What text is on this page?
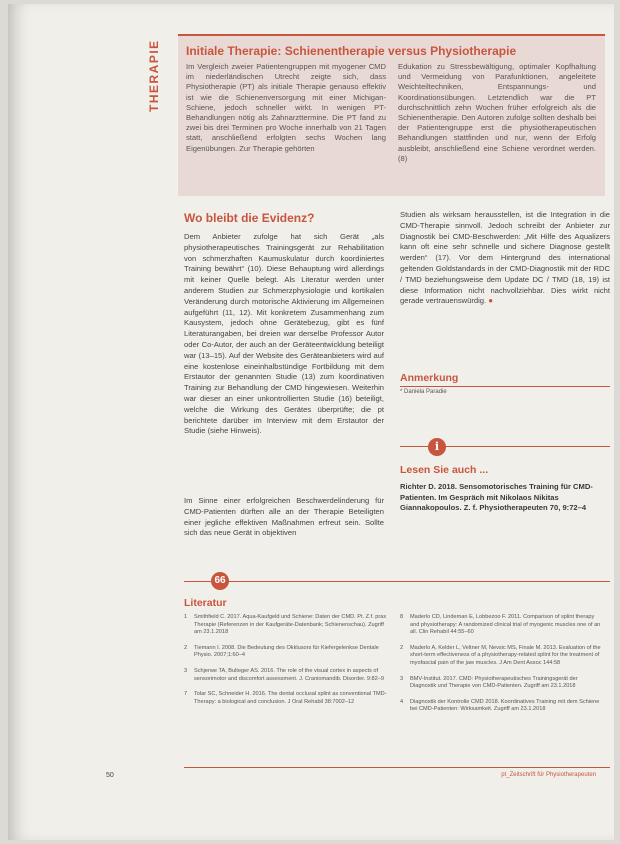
THERAPIE Initiale Therapie: Schienentherapie versus Physiotherapie
Im Vergleich zweier Patientengruppen mit myogener CMD im niederländischen Utrecht zeigte sich, dass Physiotherapie (PT) als initiale Therapie genauso effektiv ist wie die Schienenversorgung mit einer Michigan-Schiene, jedoch schneller wirkt. In wenigen PT-Behandlungen nötig als Zahnarzttermine. Die PT fand zu zwei bis drei Terminen pro Woche innerhalb von 21 Tagen statt, anschließend erfolgten sechs Wochen lang Eigenübungen. Zur Therapie gehörten
Edukation zu Stressbewältigung, optimaler Kopfhaltung und Vermeidung von Parafunktionen, angeleitete Weichteiltechniken, Entspannungs- und Koordinationsübungen. Letztendlich war die PT durchschnittlich zehn Wochen früher erfolgreich als die Schienentherapie. Den Autoren zufolge sollten deshalb bei der Patientengruppe erst die physiotherapeutischen Behandlungen stattfinden und nur, wenn der Erfolg ausbleibt, anschließend eine Schiene verordnet werden. (8)
Wo bleibt die Evidenz?
Dem Anbieter zufolge hat sich Gerät „als physiotherapeutisches Trainingsgerät zur Rehabilitation von schmerzhaften Kaumuskulatur durch koordiniertes Training bewährt“ (10). Diese Behauptung wird allerdings mit keiner Quelle belegt. Als Literatur werden unter anderem Studien zur Schmerzphysiologie und kortikalen Veränderung durch motorische Aktivierung im Allgemeinen aufgeführt (11, 12). Mit konkretem Zusammenhang zum Kausystem, jedoch ohne Gerätebezug, gibt es fünf Literaturangaben, bei dreien war derselbe Professor Autor oder Co-Autor, der auch an der Geräteentwicklung beteiligt war (13–15). Auf der Website des Geräteanbieters wird auf eine kostenlose eineinhalbstündige Fortbildung mit dem Erstautor der genannten Studie (13) zum koordinativen Training zur Behandlung der CMD hingewiesen. Weiterhin war dieser an einer unkontrollierten Studie (16) beteiligt, welche die Wirkung des Gerätes überprüfte; die pt berichtete darüber im Interview mit dem Erstautor der Studie (siehe Hinweis).
Im Sinne einer erfolgreichen Beschwerdelinderung für CMD-Patienten dürften alle an der Therapie Beteiligten einer jegliche effektiven Maßnahmen erfreut sein. Sollte sich das neue Gerät in objektiven
Studien als wirksam herausstellen, ist die Integration in die CMD-Therapie sinnvoll. Jedoch schreibt der Anbieter zur Diagnostik bei CMD-Beschwerden: „Mit Hilfe des Aqualizers kann oft eine sehr schnelle und sichere Diagnose gestellt werden“ (17). Vor dem Hintergrund des international geltenden Goldstandards in der CMD-Diagnostik mit der RDC / TMD beziehungsweise dem Update DC / TMD (18, 19) ist diese Information nicht nachvollziehbar. Dies wirkt nicht gerade vertrauenswürdig. ●
Anmerkung
* Daniela Paradie
i
Lesen Sie auch ...
Richter D. 2018. Sensomotorisches Training für CMD-Patienten. Im Gespräch mit Nikolaos Nikitas Giannakopoulos. Z. f. Physiotherapeuten 70, 9:72–4
66
Literatur
1 Smithfield C. 2017. Aqua-Kaufgeld und Schiene: Daten der CMD. Pt. Z.f. prax Therapie (Referenzen in der Kaufgeräte-Datenbank; Schienenschau). Zugriff am 23.1.2018
2 Tiemann I. 2008. Die Bedeutung des Okklusors für Kiefergelenkse Dentale Physio. 2007;1:60–4
3 Schjerwe TA, Bulteger AS. 2016. The role of the visual cortex in aspects of sensorimotor and discomfort assessment. J. Craniomandib. Disorder. 9:82–9
7 Tolar SC, Schneider H. 2016. The dental occlusal splint as conventional TMD-Therapy: a biological and conclusion. J Oral Rehabil 38:7002–12
8 Maderlo CD, Lindeman E, Lobbezoo F. 2011. Comparison of splint therapy and physiotherapy: A randomized clinical trial of myogenic muscles one of an all. Clin Rehabil 44:55–60
2 Maderlo A, Kelder L, Veltner M, Nevsic MS, Finale M. 2013. Evaluation of the short-term effectiveness of a physiotherapy-related splint for the treatment of myofascial pain of the jaw muscles. J Am Dent Assoc 144:58
3 BMV-Institut. 2017. CMD: Physiotherapeutisches Trainingsgerät der Diagnostik und Therapie von CMD-Patienten. Zugriff am 23.1.2018
4 Diagnostik der Kontrolle CMD 2018. Koordinatives Training mit dem Schiene bei CMD-Patienten: Wirksamkeit. Zugriff am 23.1.2018
50	pt_Zeitschrift für Physiotherapeuten
